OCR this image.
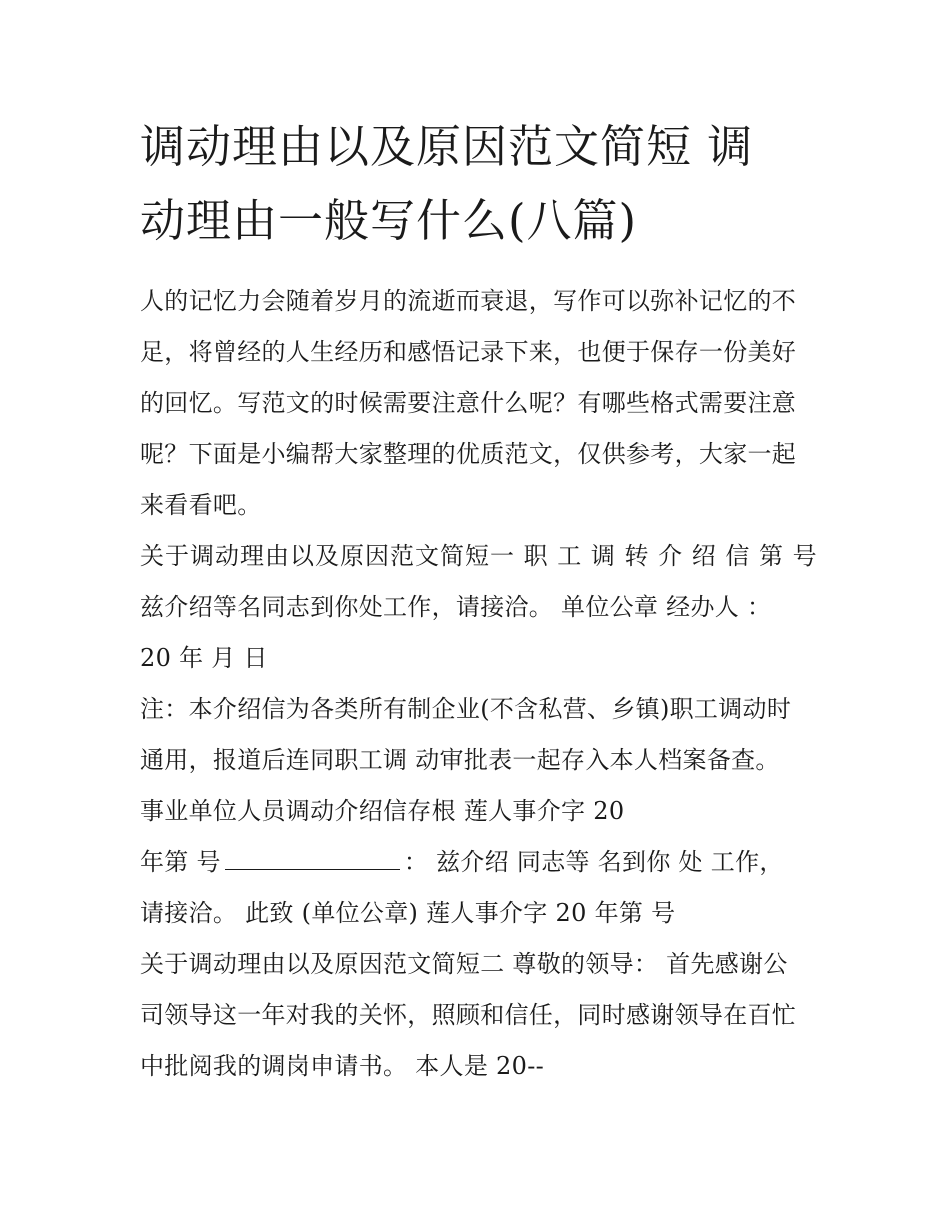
调动理由以及原因范文简短 调
动理由一般写什么(八篇)
人的记忆力会随着岁月的流逝而衰退，写作可以弥补记忆的不
足，将曾经的人生经历和感悟记录下来，也便于保存一份美好
的回忆。写范文的时候需要注意什么呢？有哪些格式需要注意
呢？下面是小编帮大家整理的优质范文，仅供参考，大家一起
来看看吧。
关于调动理由以及原因范文简短一 职 工 调 转 介 绍 信 第 号
兹介绍等名同志到你处工作，请接洽。 单位公章 经办人 ：
20 年 月 日
注：本介绍信为各类所有制企业(不含私营、乡镇)职工调动时
通用，报道后连同职工调 动审批表一起存入本人档案备查。
事业单位人员调动介绍信存根 莲人事介字 20
年第 号	： 兹介绍 同志等 名到你 处 工作，
请接洽。 此致 (单位公章) 莲人事介字 20 年第 号
关于调动理由以及原因范文简短二 尊敬的领导： 首先感谢公
司领导这一年对我的关怀，照顾和信任，同时感谢领导在百忙
中批阅我的调岗申请书。 本人是 20--
